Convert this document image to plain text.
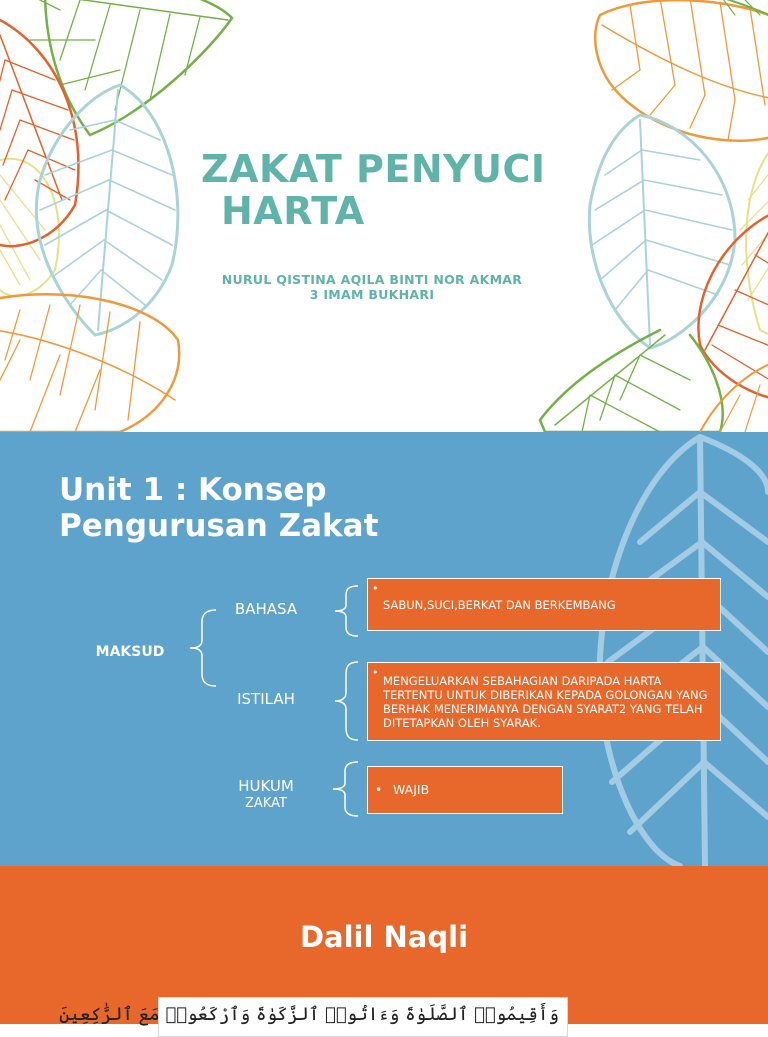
ZAKAT PENYUCI

HARTA
NURUL QISTINA AQILA BINTI NOR AKMAR
3 IMAM BUKHARI
Unit 1 : Konsep
Pengurusan Zakat
MAKSUD
BAHASA
•
SABUN,SUCI,BERKAT DAN BERKEMBANG
ISTILAH
•
MENGELUARKAN SEBAHAGIAN DARIPADA HARTA TERTENTU UNTUK DIBERIKAN KEPADA GOLONGAN YANG BERHAK MENERIMANYA DENGAN SYARAT2 YANG TELAH DITETAPKAN OLEH SYARAK.
HUKUM
ZAKAT
• WAJIB
Dalil Naqli
وَأَقِيمُوا۟ ٱلصَّلَوٰةَ وَءَاتُوا۟ ٱلزَّكَوٰةَ وَٱرْكَعُوا۟ مَعَ ٱلرَّٰكِعِينَ
